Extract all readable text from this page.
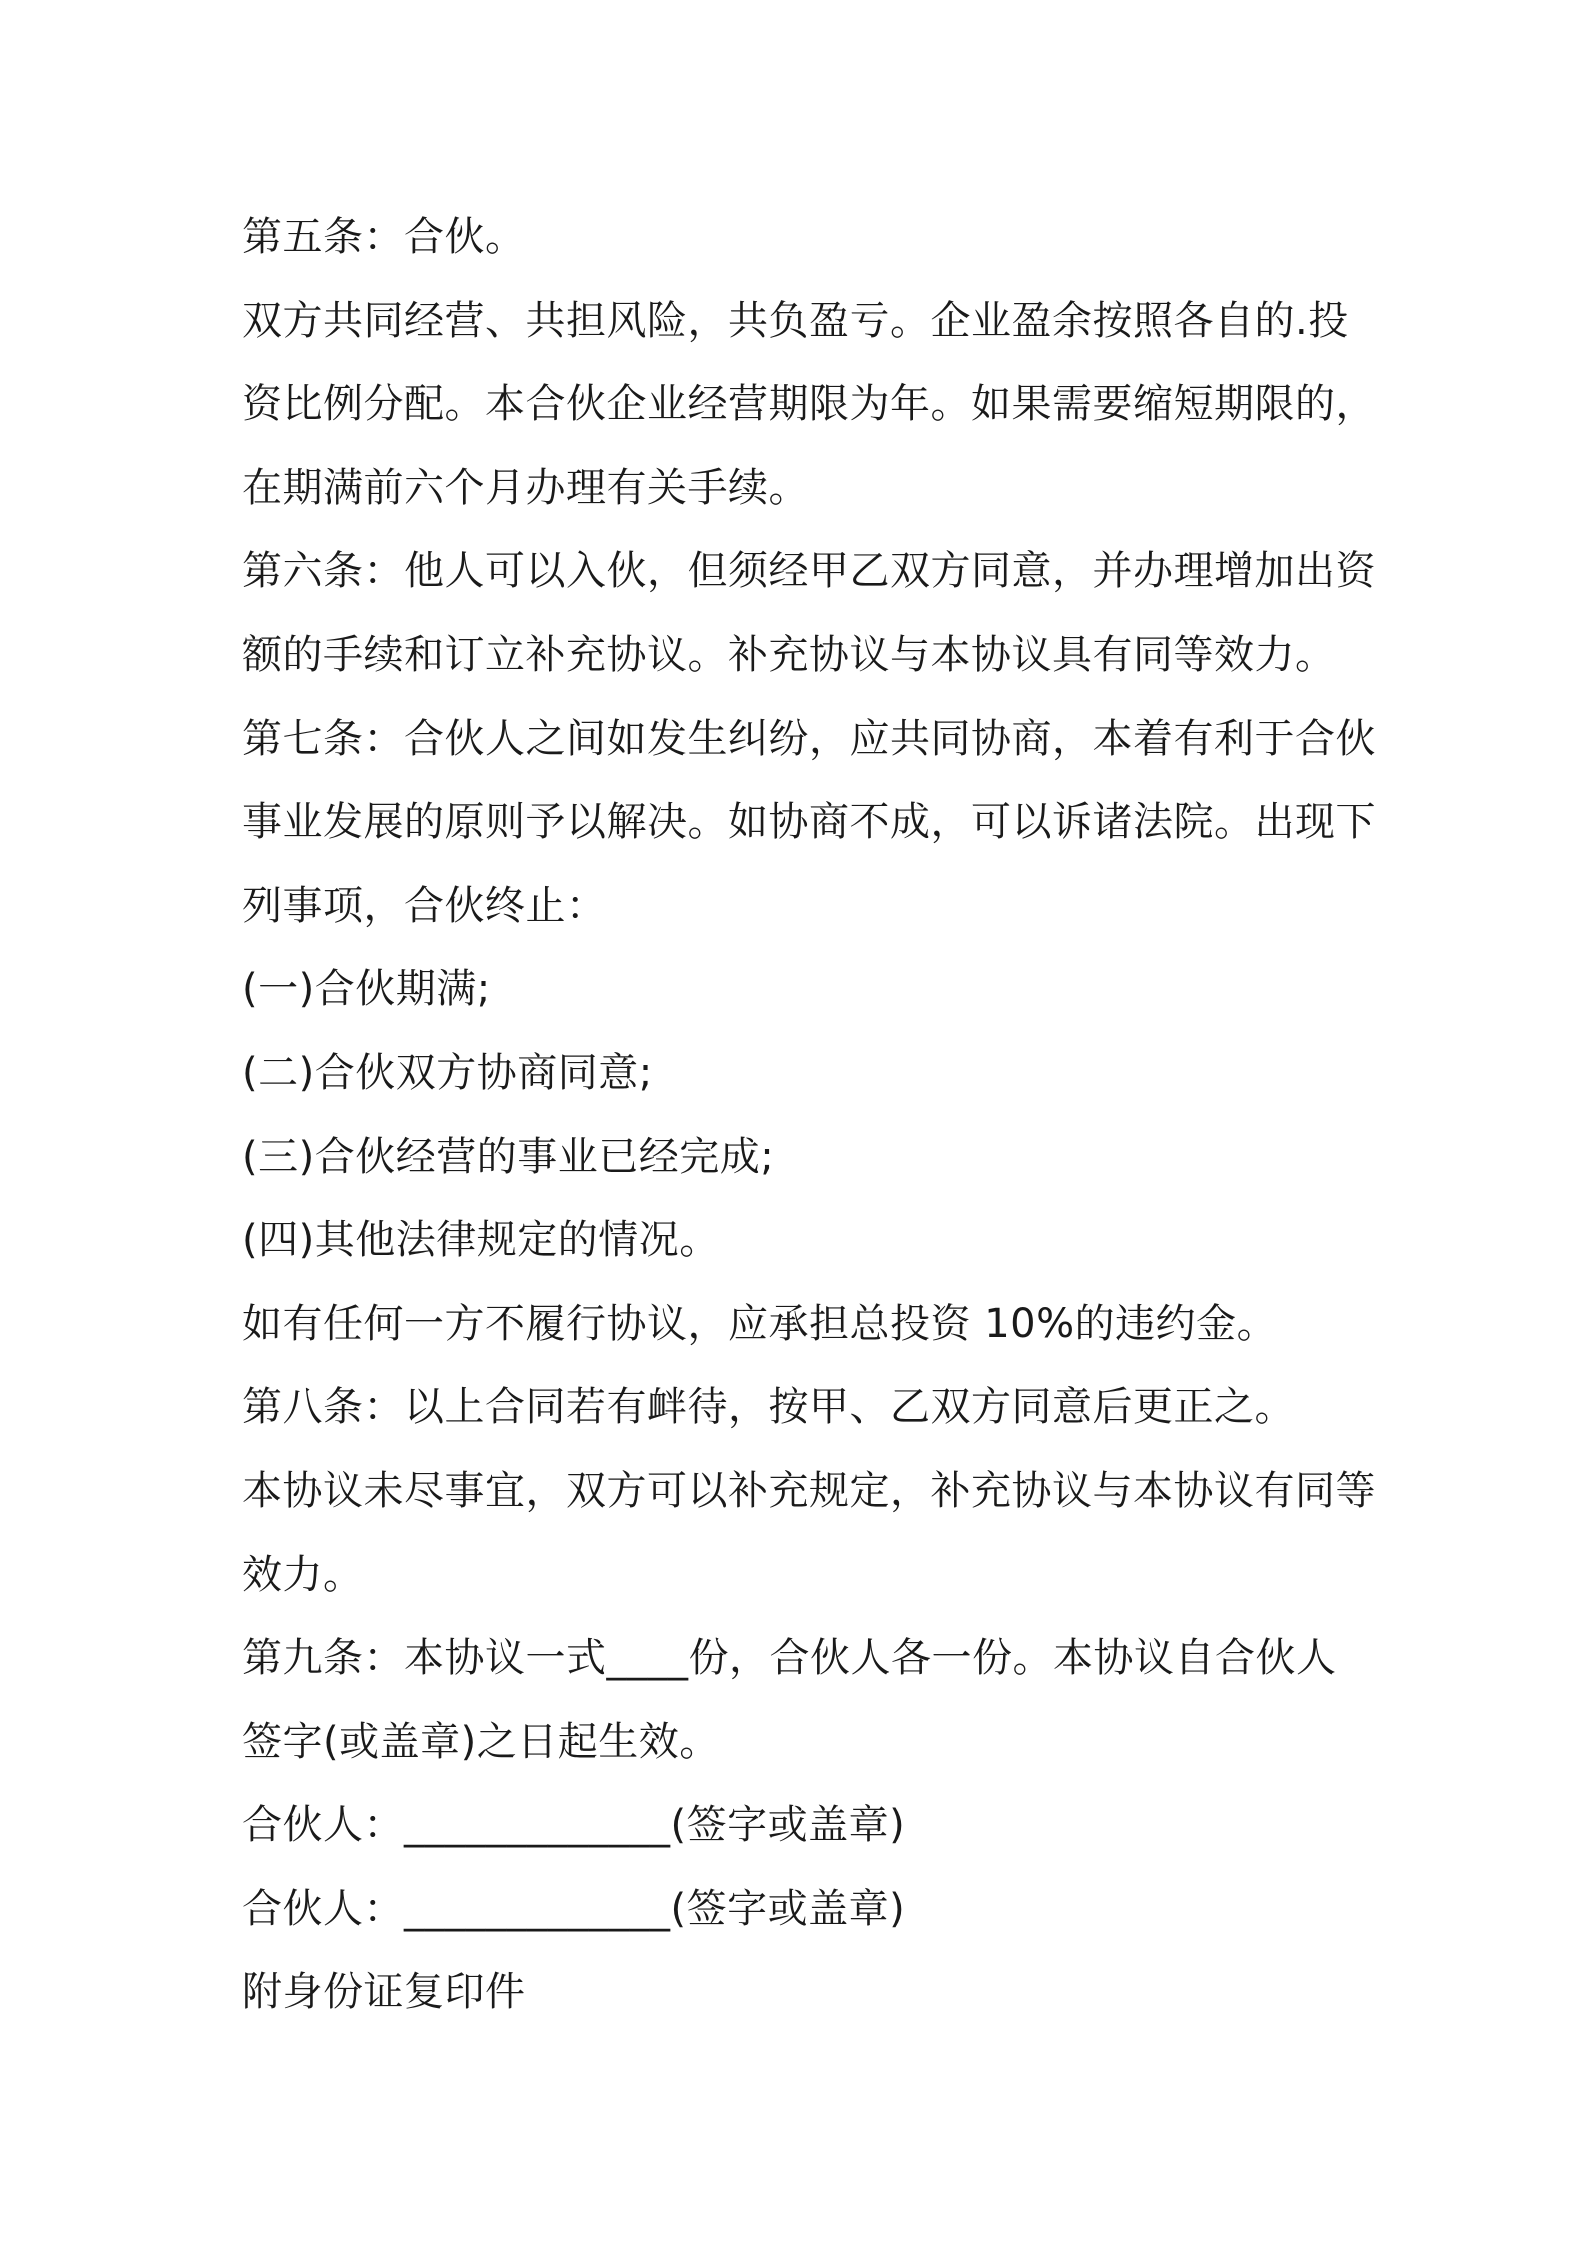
第五条：合伙。
双方共同经营、共担风险，共负盈亏。企业盈余按照各自的.投
资比例分配。本合伙企业经营期限为年。如果需要缩短期限的，
在期满前六个月办理有关手续。
第六条：他人可以入伙，但须经甲乙双方同意，并办理增加出资
额的手续和订立补充协议。补充协议与本协议具有同等效力。
第七条：合伙人之间如发生纠纷，应共同协商，本着有利于合伙
事业发展的原则予以解决。如协商不成，可以诉诸法院。出现下
列事项，合伙终止：
(一)合伙期满;
(二)合伙双方协商同意;
(三)合伙经营的事业已经完成;
(四)其他法律规定的情况。
如有任何一方不履行协议，应承担总投资 10%的违约金。
第八条：以上合同若有衅待，按甲、乙双方同意后更正之。
本协议未尽事宜，双方可以补充规定，补充协议与本协议有同等
效力。
第九条：本协议一式____份，合伙人各一份。本协议自合伙人
签字(或盖章)之日起生效。
合伙人：_____________(签字或盖章)
合伙人：_____________(签字或盖章)
附身份证复印件
